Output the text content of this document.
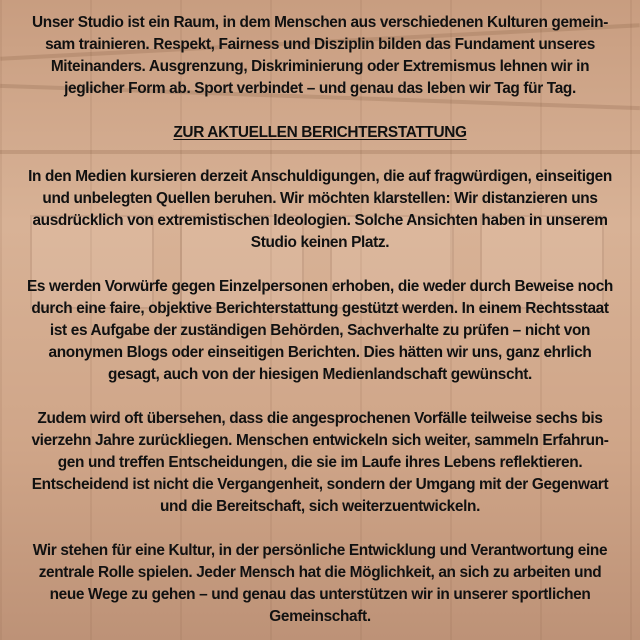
Unser Studio ist ein Raum, in dem Menschen aus verschiedenen Kulturen gemein-
sam trainieren. Respekt, Fairness und Disziplin bilden das Fundament unseres
Miteinanders. Ausgrenzung, Diskriminierung oder Extremismus lehnen wir in
jeglicher Form ab. Sport verbindet – und genau das leben wir Tag für Tag.

ZUR AKTUELLEN BERICHTERSTATTUNG

In den Medien kursieren derzeit Anschuldigungen, die auf fragwürdigen, einseitigen
und unbelegten Quellen beruhen. Wir möchten klarstellen: Wir distanzieren uns
ausdrücklich von extremistischen Ideologien. Solche Ansichten haben in unserem
Studio keinen Platz.

Es werden Vorwürfe gegen Einzelpersonen erhoben, die weder durch Beweise noch
durch eine faire, objektive Berichterstattung gestützt werden. In einem Rechtsstaat
ist es Aufgabe der zuständigen Behörden, Sachverhalte zu prüfen – nicht von
anonymen Blogs oder einseitigen Berichten. Dies hätten wir uns, ganz ehrlich
gesagt, auch von der hiesigen Medienlandschaft gewünscht.

Zudem wird oft übersehen, dass die angesprochenen Vorfälle teilweise sechs bis
vierzehn Jahre zurückliegen. Menschen entwickeln sich weiter, sammeln Erfahrun-
gen und treffen Entscheidungen, die sie im Laufe ihres Lebens reflektieren.
Entscheidend ist nicht die Vergangenheit, sondern der Umgang mit der Gegenwart
und die Bereitschaft, sich weiterzuentwickeln.

Wir stehen für eine Kultur, in der persönliche Entwicklung und Verantwortung eine
zentrale Rolle spielen. Jeder Mensch hat die Möglichkeit, an sich zu arbeiten und
neue Wege zu gehen – und genau das unterstützen wir in unserer sportlichen
Gemeinschaft.
